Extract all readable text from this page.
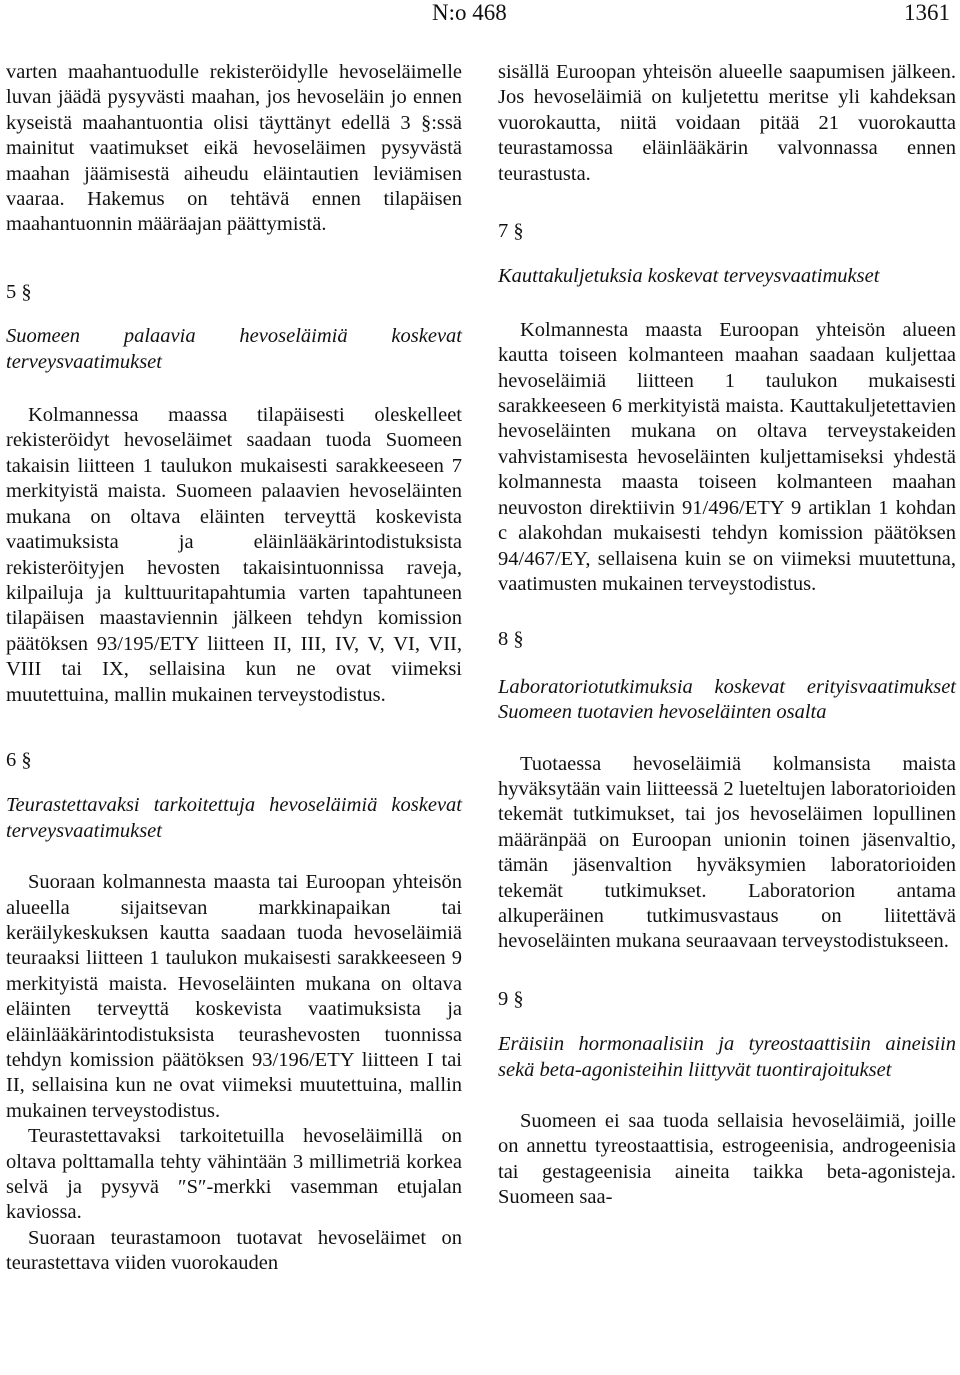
N:o 468	1361

varten maahantuodulle rekisteröidylle hevoseläimelle luvan jäädä pysyvästi maahan, jos hevoseläin jo ennen kyseistä maahantuontia olisi täyttänyt edellä 3 §:ssä mainitut vaatimukset eikä hevoseläimen pysyvästä maahan jäämisestä aiheudu eläintautien leviämisen vaaraa. Hakemus on tehtävä ennen tilapäisen maahantuonnin määräajan päättymistä.

5 §

Suomeen palaavia hevoseläimiä koskevat terveysvaatimukset

Kolmannessa maassa tilapäisesti oleskelleet rekisteröidyt hevoseläimet saadaan tuoda Suomeen takaisin liitteen 1 taulukon mukaisesti sarakkeeseen 7 merkityistä maista. Suomeen palaavien hevoseläinten mukana on oltava eläinten terveyttä koskevista vaatimuksista ja eläinlääkärintodistuksista rekisteröityjen hevosten takaisintuonnissa raveja, kilpailuja ja kulttuuritapahtumia varten tapahtuneen tilapäisen maastaviennin jälkeen tehdyn komission päätöksen 93/195/ETY liitteen II, III, IV, V, VI, VII, VIII tai IX, sellaisina kun ne ovat viimeksi muutettuina, mallin mukainen terveystodistus.

6 §

Teurastettavaksi tarkoitettuja hevoseläimiä koskevat terveysvaatimukset

Suoraan kolmannesta maasta tai Euroopan yhteisön alueella sijaitsevan markkinapaikan tai keräilykeskuksen kautta saadaan tuoda hevoseläimiä teuraaksi liitteen 1 taulukon mukaisesti sarakkeeseen 9 merkityistä maista. Hevoseläinten mukana on oltava eläinten terveyttä koskevista vaatimuksista ja eläinlääkärintodistuksista teurashevosten tuonnissa tehdyn komission päätöksen 93/196/ETY liitteen I tai II, sellaisina kun ne ovat viimeksi muutettuina, mallin mukainen terveystodistus.

Teurastettavaksi tarkoitetuilla hevoseläimillä on oltava polttamalla tehty vähintään 3 millimetriä korkea selvä ja pysyvä ″S″-merkki vasemman etujalan kaviossa.

Suoraan teurastamoon tuotavat hevoseläimet on teurastettava viiden vuorokauden

sisällä Euroopan yhteisön alueelle saapumisen jälkeen. Jos hevoseläimiä on kuljetettu meritse yli kahdeksan vuorokautta, niitä voidaan pitää 21 vuorokautta teurastamossa eläinlääkärin valvonnassa ennen teurastusta.

7 §

Kauttakuljetuksia koskevat terveysvaatimukset

Kolmannesta maasta Euroopan yhteisön alueen kautta toiseen kolmanteen maahan saadaan kuljettaa hevoseläimiä liitteen 1 taulukon mukaisesti sarakkeeseen 6 merkityistä maista. Kauttakuljetettavien hevoseläinten mukana on oltava terveystakeiden vahvistamisesta hevoseläinten kuljettamiseksi yhdestä kolmannesta maasta toiseen kolmanteen maahan neuvoston direktiivin 91/496/ETY 9 artiklan 1 kohdan c alakohdan mukaisesti tehdyn komission päätöksen 94/467/EY, sellaisena kuin se on viimeksi muutettuna, vaatimusten mukainen terveystodistus.

8 §

Laboratoriotutkimuksia koskevat erityisvaatimukset Suomeen tuotavien hevoseläinten osalta

Tuotaessa hevoseläimiä kolmansista maista hyväksytään vain liitteessä 2 lueteltujen laboratorioiden tekemät tutkimukset, tai jos hevoseläimen lopullinen määränpää on Euroopan unionin toinen jäsenvaltio, tämän jäsenvaltion hyväksymien laboratorioiden tekemät tutkimukset. Laboratorion antama alkuperäinen tutkimusvastaus on liitettävä hevoseläinten mukana seuraavaan terveystodistukseen.

9 §

Eräisiin hormonaalisiin ja tyreostaattisiin aineisiin sekä beta-agonisteihin liittyvät tuontirajoitukset

Suomeen ei saa tuoda sellaisia hevoseläimiä, joille on annettu tyreostaattisia, estrogeenisia, androgeenisia tai gestageenisia aineita taikka beta-agonisteja. Suomeen saa-
